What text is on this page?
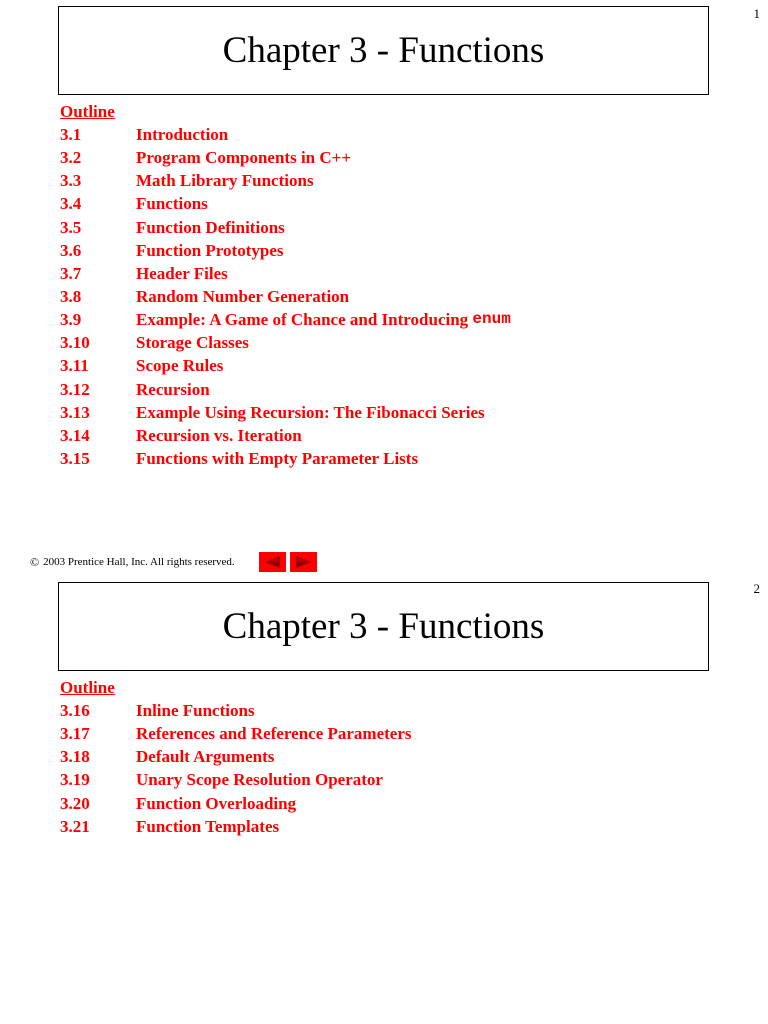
1
Chapter 3 - Functions
Outline
3.1	Introduction
3.2	Program Components in C++
3.3	Math Library Functions
3.4	Functions
3.5	Function Definitions
3.6	Function Prototypes
3.7	Header Files
3.8	Random Number Generation
3.9	Example: A Game of Chance and Introducing enum
3.10	Storage Classes
3.11	Scope Rules
3.12	Recursion
3.13	Example Using Recursion: The Fibonacci Series
3.14	Recursion vs. Iteration
3.15	Functions with Empty Parameter Lists
© 2003 Prentice Hall, Inc. All rights reserved.
2
Chapter 3 - Functions
Outline
3.16	Inline Functions
3.17	References and Reference Parameters
3.18	Default Arguments
3.19	Unary Scope Resolution Operator
3.20	Function Overloading
3.21	Function Templates
